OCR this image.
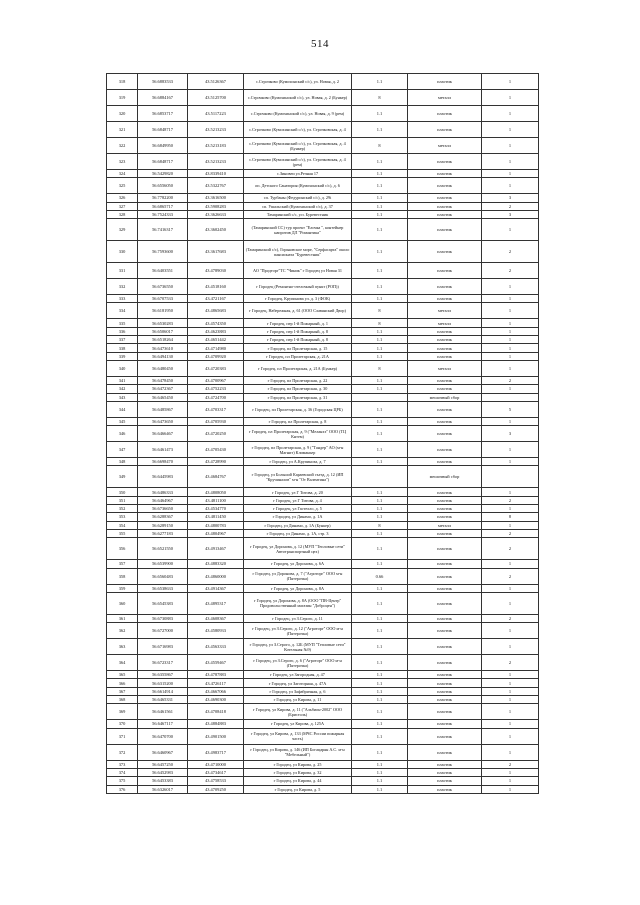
514
318	56.6883533	43.5126367	с.Строчково (Кумохинский с/с), ул. Новая, д. 2	1.1	пластик	1
319	56.6884167	43.5125700	с.Строчково (Кумохинский с/с), ул. Новая, д. 2 (Бункер)	8	металл	1
320	56.6853717	43.5117223	с.Строчково (Кумохинский с/с), ул. Новая, д. 9 (рем)	1.1	пластик	1
321	56.6848717	43.5213233	с.Строчково (Кумохинский с/с), ул. Строчковская, д. 4	1.1	пластик	1
322	56.6849950	43.5213183	с.Строчково (Кумохинский с/с), ул. Строчковская, д. 4 (Бункер)	8	металл	1
323	56.6848717	43.5213233	с.Строчково (Кумохинский с/с), ул. Строчковская, д. 4 (рем)	1.1	пластик	1
324	56.5429820	43.8339410	с.Зиновеи ул.Речная 17	1.1	пластик	1
325	56.6556050	43.5322767	оп. Детского Санатория (Кумохинский с/с), д. 6	1.1	пластик	1
326	56.7782200	43.3616500	сп. Турбаны (Федуринский с/с), д. 29і	1.1	пластик	3
327	56.6865717	43.5908283	сп. Ушальский (Кумохинский с/с), д. 37	1.1	пластик	2
328	56.7524333	43.3626633	Тамаринский с/с, у.п. Буревестник	1.1	пластик	3
329	56.7416317	43.3602450	(Тамаринский СС) тур проект "Елочка ", контейнер напротив ДЛ "Романтика"	1.1	пластик	1
330	56.7593600	43.3617683	(Тамаринский с/с), Горьковское море, "Серфасарта" около пансионата "Буревестник"	1.1	пластик	2
331	56.6403551	43.4789030	АО "Продторг"ТС "Чиник" г Городец ул Новая 31	1.1	пластик	2
332	56.6736550	43.4518160	г Городец (Ремонтно-отелочный пункт (РОП))	1.1	пластик	1
333	56.6707533	43.4721167	г Городец, Крупинова ул. д. 3 (ФОК)	1.1	пластик	1
334	56.6181950	43.4865683	г Городец, Набережная, д. 61 (ООО Славянский Двор)	8	металл	1
335	56.6530283	43.4574350	г Городец, пер 1-й Пожарный, д. 1	8	металл	1
336	56.6506017	43.4623883	г Городец, пер 1-й Пожарный, д. 8	1.1	пластик	1
337	56.6518264	43.4651442	г Городец, пер 1-й Пожарный, д. 8	1.1	пластик	1
338	56.6473610	43.4714980	г Городец, пл Пролетарская, д. 15	1.1	пластик	1
339	56.6494130	43.4709920	г Городец, пл Пролетарская, д. 21А	1.1	пластик	1
340	56.6480450	43.4720383	г Городец, пл Пролетарская, д. 21А (Бункер)	8	металл	1
341	56.6478450	43.4700967	г Городец, пл Пролетарская, д. 22	1.1	пластик	2
342	56.6472367	43.4752233	г Городец, пл Пролетарская, д. 30	1.1	пластик	1
343	56.6465450	43.4724700	г Городец, пл Пролетарская, д. 31		мешочный сбор	
344	56.6485867	43.4703317	г Городец, пл Пролетарская, д. 36 (Городская ЦРБ)	1.1	пластик	5
345	56.6473650	43.4705930	г Городец, пл Пролетарская, д. 8	1.1	пластик	1
346	56.6466467	43.4720250	г Городец, пл Пролетарская, д. 9 ("Меланхэ" ООО (ТЦ Кнтем)	1.1	пластик	3
347	56.6461473	43.4705430	г Городец, пл Пролетарская, д. 9 ("Тандер" АО (м-н Магнит) Климаньер	1.1	пластик	1
348	56.6698470	43.4728990	г Городец, ул А.Крупиноза, д. 7	1.1	пластик	1
349	56.6445983	43.4684767	г Городец, ул Большой Караевский съезд, д. 12 (ИП "Кручиналов" м-н "От Валентина")		мешочный сбор	
350	56.6486333	43.4808050	г Городец, ул Г Титова, д. 20	1.1	пластик	1
351	56.6464967	43.4811100	г Городец, ул Г Титова, д. 4	1.1	пластик	2
352	56.6736650	43.4534770	г Городец, ул Гастелло, д. 5	1.1	пластик	1
353	56.6288367	43.4811450	г Городец, ул Динамо, д. 1А	1.1	пластик	8
354	56.6289150	43.4800783	г Городец, ул Динамо, д. 1А (Бункер)	8	металл	1
355	56.6277183	43.4804967	г Городец, ул Динамо, д. 1А, стр. 3	1.1	пластик	2
356	56.6521550	43.4913467	г Городец, ул Доронова, д. 12 (МУП "Тепловые сети" Автотранспортный цех)	1.1	пластик	2
357	56.6539900	43.4883320	г Городец, ул Доронова, д. 6А	1.1	пластик	1
358	56.6560483	43.4860000	г Городец, ул Доронова, д. 7 ("Агроторг" ООО м-н (Пятерочка)	0.66	пластик	2
359	56.6538633	43.4914367	г Городец, ул Доронова, д. 8А	1.1	пластик	1
360	56.6545383	43.4895317	г Городец, ул Доронова, д. 8А (ООО "ПВ-Центр" Продовольственный магазин "Доброцен")	1.1	пластик	1
361	56.6730883	43.4608367	г Городец, ул З.Серого, д. 11	1.1	пластик	2
362	56.6727000	43.4580933	г Городец, ул З.Серого, д. 12 ("Агроторг" ООО м-н (Пятерочка)	1.1	пластик	1
363	56.6716983	43.4563333	г Городец, ул З.Серого, д. 12Б (МУП "Тепловые сети" Котельная №9)	1.1	пластик	1
364	56.6723317	43.4559467	г Городец, ул З.Серого, д. 6 ("Агроторг" ООО м-н (Пятерочка)	1.1	пластик	2
365	56.6355867	43.4787883	г Городец, ул Загородная, д. 47	1.1	пластик	1
366	56.6315200	43.4726117	г Городец, ул Заготорная, д. 47А	1.1	пластик	1
367	56.6614914	43.4667066	г Городец, ул Зафабричная, д. 6	1.1	пластик	1
368	56.6465331	43.4690300	г Городец, ул Кирова, д. 11	1.1	пластик	1
369	56.6461561	43.4708418	г Городец, ул Кирова, д. 11 ("Альбион-2002" ООО (Бристоль)	1.1	пластик	1
370	56.6467117	43.4884883	г Городец, ул Кирова, д. 125А	1.1	пластик	1
371	56.6470700	43.4901500	г Городец, ул Кирова, д. 133 (МЧС России пожарная часть)	1.1	пластик	1
372	56.6460967	43.4983717	г Городец, ул Кирова, д. 146 (ИП Богацарян А.С. м-н "Мебельный")	1.1	пластик	1
373	56.6457250	43.4710000	г Городец, ул Кирова, д. 25	1.1	пластик	2
374	56.6452983	43.4734617	г Городец, ул Кирова, д. 32	1.1	пластик	1
375	56.6453383	43.4758533	г Городец, ул Кирова, д. 44	1.1	пластик	1
376	56.6326017	43.4709250	г Городец, ул Кирова, д. 5	1.1	пластик	1
